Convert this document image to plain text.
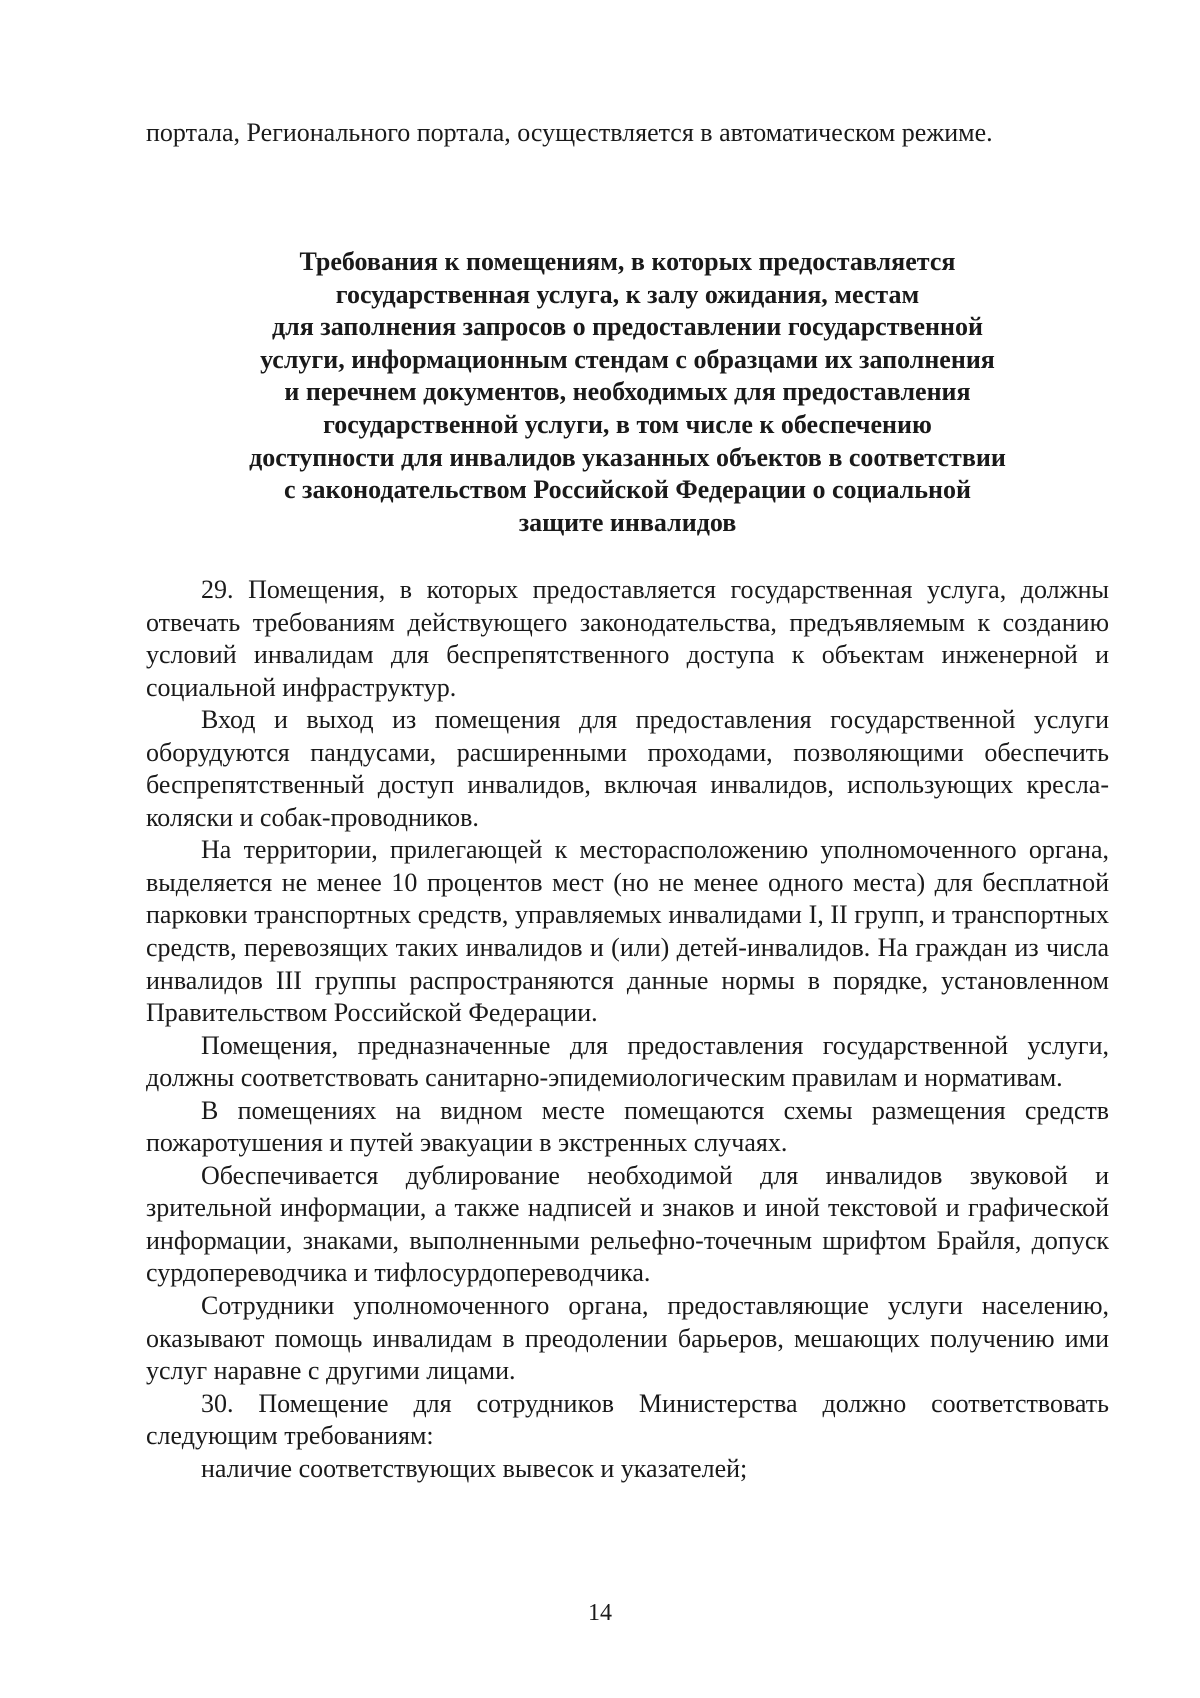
портала, Регионального портала, осуществляется в автоматическом режиме.

Требования к помещениям, в которых предоставляется
государственная услуга, к залу ожидания, местам
для заполнения запросов о предоставлении государственной
услуги, информационным стендам с образцами их заполнения
и перечнем документов, необходимых для предоставления
государственной услуги, в том числе к обеспечению
доступности для инвалидов указанных объектов в соответствии
с законодательством Российской Федерации о социальной
защите инвалидов

29. Помещения, в которых предоставляется государственная услуга, должны отвечать требованиям действующего законодательства, предъявляемым к созданию условий инвалидам для беспрепятственного доступа к объектам инженерной и социальной инфраструктур.

Вход и выход из помещения для предоставления государственной услуги оборудуются пандусами, расширенными проходами, позволяющими обеспечить беспрепятственный доступ инвалидов, включая инвалидов, использующих кресла-коляски и собак-проводников.

На территории, прилегающей к месторасположению уполномоченного органа, выделяется не менее 10 процентов мест (но не менее одного места) для бесплатной парковки транспортных средств, управляемых инвалидами I, II групп, и транспортных средств, перевозящих таких инвалидов и (или) детей-инвалидов. На граждан из числа инвалидов III группы распространяются данные нормы в порядке, установленном Правительством Российской Федерации.

Помещения, предназначенные для предоставления государственной услуги, должны соответствовать санитарно-эпидемиологическим правилам и нормативам.

В помещениях на видном месте помещаются схемы размещения средств пожаротушения и путей эвакуации в экстренных случаях.

Обеспечивается дублирование необходимой для инвалидов звуковой и зрительной информации, а также надписей и знаков и иной текстовой и графической информации, знаками, выполненными рельефно-точечным шрифтом Брайля, допуск сурдопереводчика и тифлосурдопереводчика.

Сотрудники уполномоченного органа, предоставляющие услуги населению, оказывают помощь инвалидам в преодолении барьеров, мешающих получению ими услуг наравне с другими лицами.

30. Помещение для сотрудников Министерства должно соответствовать следующим требованиям:

наличие соответствующих вывесок и указателей;

14
